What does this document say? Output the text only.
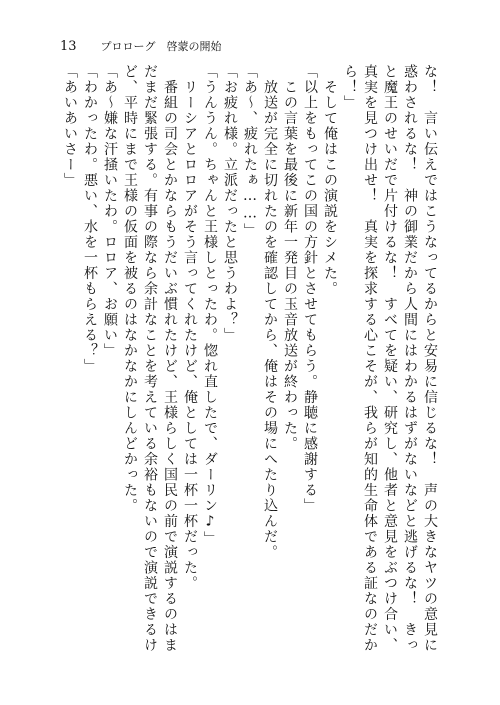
13 プロローグ　啓蒙の開始

な！　言い伝えではこうなってるからと安易に信じるな！　声の大きなヤツの意見に惑わされるな！　神の御業だから人間にはわかるはずがないなどと逃げるな！　きっと魔王のせいだで片付けるな！　すべてを疑い、研究し、他者と意見をぶつけ合い、真実を見つけ出せ！　真実を探求する心こそが、我らが知的生命体である証なのだから！」

　そして俺はこの演説をシメた。

「以上をもってこの国の方針とさせてもらう。静聴に感謝する」

　この言葉を最後に新年一発目の玉音放送が終わった。

　放送が完全に切れたのを確認してから、俺はその場にへたり込んだ。

「あ〜、疲れたぁ……」

「お疲れ様。立派だったと思うわよ？」

「うんうん。ちゃんと王様しとったわ。惚れ直したで、ダーリン♪」

　リーシアとロロアがそう言ってくれたけど、俺としては一杯一杯だった。

　番組の司会とかならもうだいぶ慣れたけど、王様らしく国民の前で演説するのはまだまだ緊張する。有事の際なら余計なことを考えている余裕もないので演説できるけど、平時にまで王様の仮面を被るのはなかなかにしんどかった。

「あ〜嫌な汗掻いたわ。ロロア、お願い」

「わかったわ。悪い、水を一杯もらえる？」

「あいあいさー」
